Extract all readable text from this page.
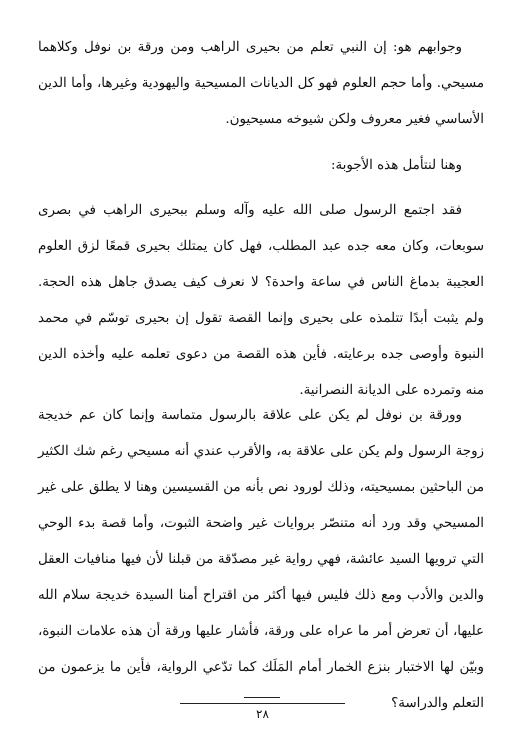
وجوابهم هو: إن النبي تعلم من بحيرى الراهب ومن ورقة بن نوفل وكلاهما مسيحي. وأما حجم العلوم فهو كل الديانات المسيحية واليهودية وغيرها، وأما الدين الأساسي فغير معروف ولكن شيوخه مسيحيون.

وهنا لنتأمل هذه الأجوبة:

فقد اجتمع الرسول صلى الله عليه وآله وسلم ببحيرى الراهب في بصرى سوبعات، وكان معه جده عبد المطلب، فهل كان يمتلك بحيرى قمعًا لزق العلوم العجيبة بدماغ الناس في ساعة واحدة؟ لا نعرف كيف يصدق جاهل هذه الحجة. ولم يثبت أبدًا تتلمذه على بحيرى وإنما القصة تقول إن بحيرى توسّم في محمد النبوة وأوصى جده برعايته. فأين هذه القصة من دعوى تعلمه عليه وأخذه الدين منه وتمرده على الديانة النصرانية.

وورقة بن نوفل لم يكن على علاقة بالرسول متماسة وإنما كان عم خديجة زوجة الرسول ولم يكن على علاقة به، والأقرب عندي أنه مسيحي رغم شك الكثير من الباحثين بمسيحيته، وذلك لورود نص بأنه من القسيسين وهنا لا يطلق على غير المسيحي وقد ورد أنه متنصّر بروايات غير واضحة الثبوت، وأما قصة بدء الوحي التي ترويها السيد عائشة، فهي رواية غير مصدّقة من قبلنا لأن فيها منافيات العقل والدين والأدب ومع ذلك فليس فيها أكثر من اقتراح أمنا السيدة خديجة سلام الله عليها، أن تعرض أمر ما عراه على ورقة، فأشار عليها ورقة أن هذه علامات النبوة، وبيّن لها الاختبار بنزع الخمار أمام المَلَك كما تدّعي الرواية، فأين ما يزعمون من التعلم والدراسة؟

٢٨
